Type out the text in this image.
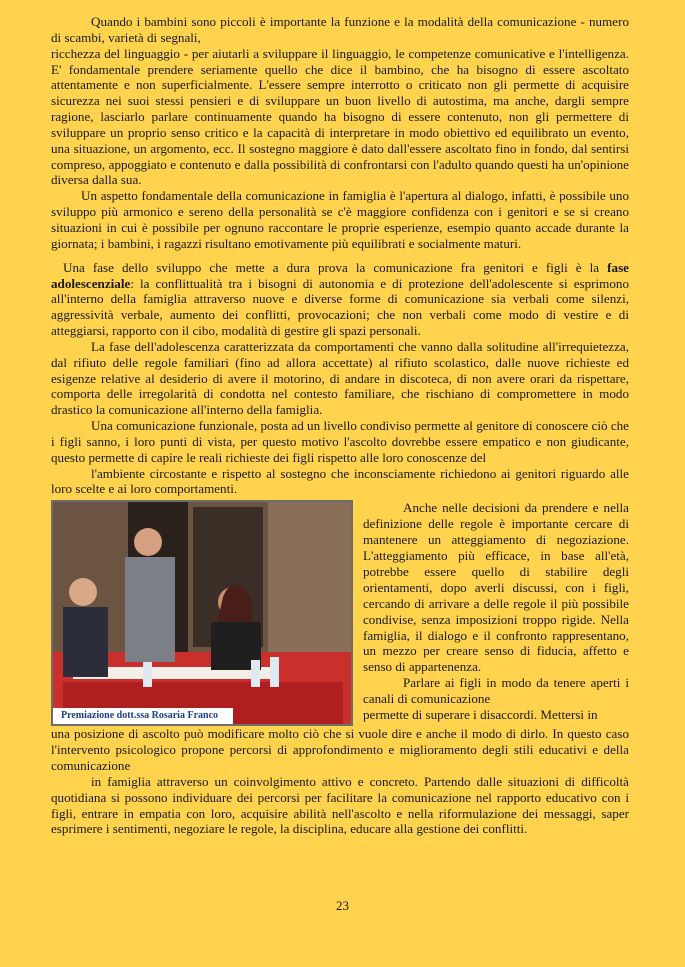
Quando i bambini sono piccoli è importante la funzione e la modalità della comunicazione - numero di scambi, varietà di segnali,

ricchezza del linguaggio - per aiutarli a sviluppare il linguaggio, le competenze comunicative e l'intelligenza. E' fondamentale prendere seriamente quello che dice il bambino, che ha bisogno di essere ascoltato attentamente e non superficialmente. L'essere sempre interrotto o criticato non gli permette di acquisire sicurezza nei suoi stessi pensieri e di sviluppare un buon livello di autostima, ma anche, dargli sempre ragione, lasciarlo parlare continuamente quando ha bisogno di essere contenuto, non gli permettere di sviluppare un proprio senso critico e la capacità di interpretare in modo obiettivo ed equilibrato un evento, una situazione, un argomento, ecc. Il sostegno maggiore è dato dall'essere ascoltato fino in fondo, dal sentirsi compreso, appoggiato e contenuto e dalla possibilità di confrontarsi con l'adulto quando questi ha un'opinione diversa dalla sua.

Un aspetto fondamentale della comunicazione in famiglia è l'apertura al dialogo, infatti, è possibile uno sviluppo più armonico e sereno della personalità se c'è maggiore confidenza con i genitori e se si creano situazioni in cui è possibile per ognuno raccontare le proprie esperienze, esempio quanto accade durante la giornata; i bambini, i ragazzi risultano emotivamente più equilibrati e socialmente maturi.

Una fase dello sviluppo che mette a dura prova la comunicazione fra genitori e figli è la fase adolescenziale: la conflittualità tra i bisogni di autonomia e di protezione dell'adolescente si esprimono all'interno della famiglia attraverso nuove e diverse forme di comunicazione sia verbali come silenzi, aggressività verbale, aumento dei conflitti, provocazioni; che non verbali come modo di vestire e di atteggiarsi, rapporto con il cibo, modalità di gestire gli spazi personali.

La fase dell'adolescenza caratterizzata da comportamenti che vanno dalla solitudine all'irrequietezza, dal rifiuto delle regole familiari (fino ad allora accettate) al rifiuto scolastico, dalle nuove richieste ed esigenze relative al desiderio di avere il motorino, di andare in discoteca, di non avere orari da rispettare, comporta delle irregolarità di condotta nel contesto familiare, che rischiano di compromettere in modo drastico la comunicazione all'interno della famiglia.

Una comunicazione funzionale, posta ad un livello condiviso permette al genitore di conoscere ciò che i figli sanno, i loro punti di vista, per questo motivo l'ascolto dovrebbe essere empatico e non giudicante, questo permette di capire le reali richieste dei figli rispetto alle loro conoscenze del

l'ambiente circostante e rispetto al sostegno che inconsciamente richiedono ai genitori riguardo alle loro scelte e ai loro comportamenti.

Premiazione dott.ssa Rosaria Franco

Anche nelle decisioni da prendere e nella definizione delle regole è importante cercare di mantenere un atteggiamento di negoziazione. L'atteggiamento più efficace, in base all'età, potrebbe essere quello di stabilire degli orientamenti, dopo averli discussi, con i figli, cercando di arrivare a delle regole il più possibile condivise, senza imposizioni troppo rigide. Nella famiglia, il dialogo e il confronto rappresentano, un mezzo per creare senso di fiducia, affetto e senso di appartenenza.

Parlare ai figli in modo da tenere aperti i canali di comunicazione

permette di superare i disaccordi. Mettersi in

una posizione di ascolto può modificare molto ciò che si vuole dire e anche il modo di dirlo. In questo caso l'intervento psicologico propone percorsi di approfondimento e miglioramento degli stili educativi e della comunicazione

in famiglia attraverso un coinvolgimento attivo e concreto. Partendo dalle situazioni di difficoltà quotidiana si possono individuare dei percorsi per facilitare la comunicazione nel rapporto educativo con i figli, entrare in empatia con loro, acquisire abilità nell'ascolto e nella riformulazione dei messaggi, saper esprimere i sentimenti, negoziare le regole, la disciplina, educare alla gestione dei conflitti.

23
